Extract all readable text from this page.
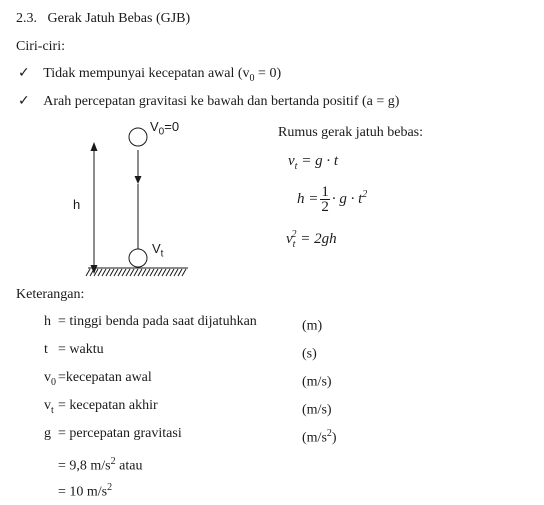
2.3. Gerak Jatuh Bebas (GJB)
Ciri-ciri:
✓ Tidak mempunyai kecepatan awal $(v_0 = 0)$
✓ Arah percepatan gravitasi ke bawah dan bertanda positif (a = g)
$V_0=0$
$V_t$
h
Rumus gerak jatuh bebas:
$v_t = g \cdot t$
$h = \frac{1}{2} \cdot g \cdot t^2$
$v_t^2 = 2gh$
Keterangan:
h = tinggi benda pada saat dijatuhkan	(m)
t = waktu	(s)
$v_0$ =kecepatan awal	(m/s)
$v_t$ = kecepatan akhir	(m/s)
g = percepatan gravitasi	$(m/s^2)$
= 9,8 $m/s^2$ atau
= 10 $m/s^2$
